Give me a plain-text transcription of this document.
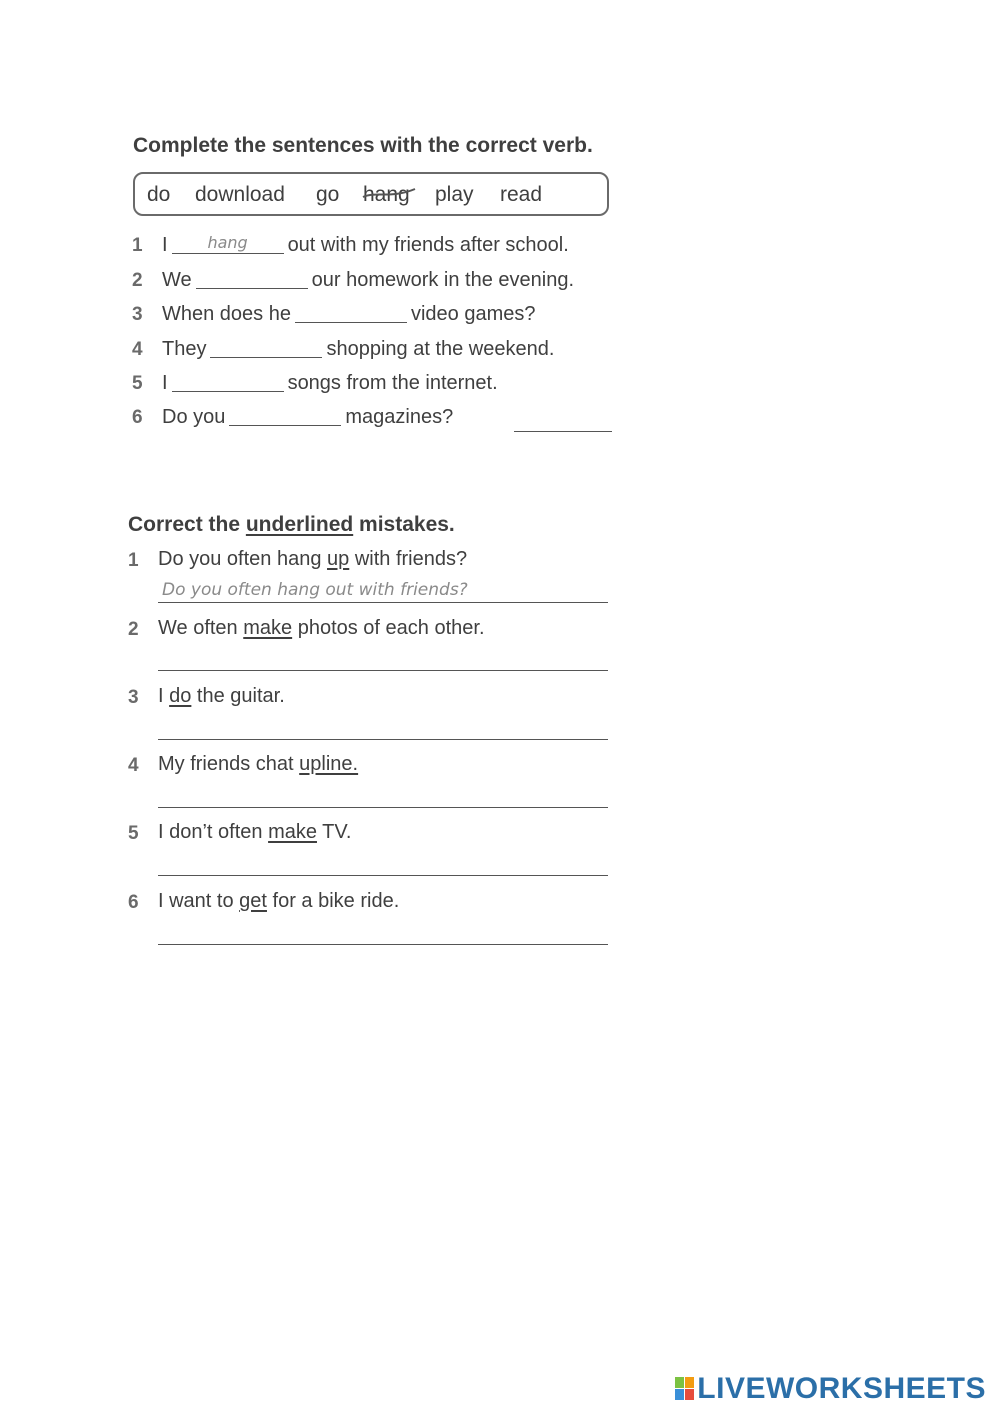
Complete the sentences with the correct verb.
do download go hang play read
1 I	hang	out with my friends after school.
2 We	our homework in the evening.
3 When does he	video games?
4 They	shopping at the weekend.
5 I	songs from the internet.
6 Do you	magazines?
Correct the underlined mistakes.
1 Do you often hang up with friends?
Do you often hang out with friends?
2 We often make photos of each other.
3 I do the guitar.
4 My friends chat upline.
5 I don’t often make TV.
6 I want to get for a bike ride.
LIVEWORKSHEETS
